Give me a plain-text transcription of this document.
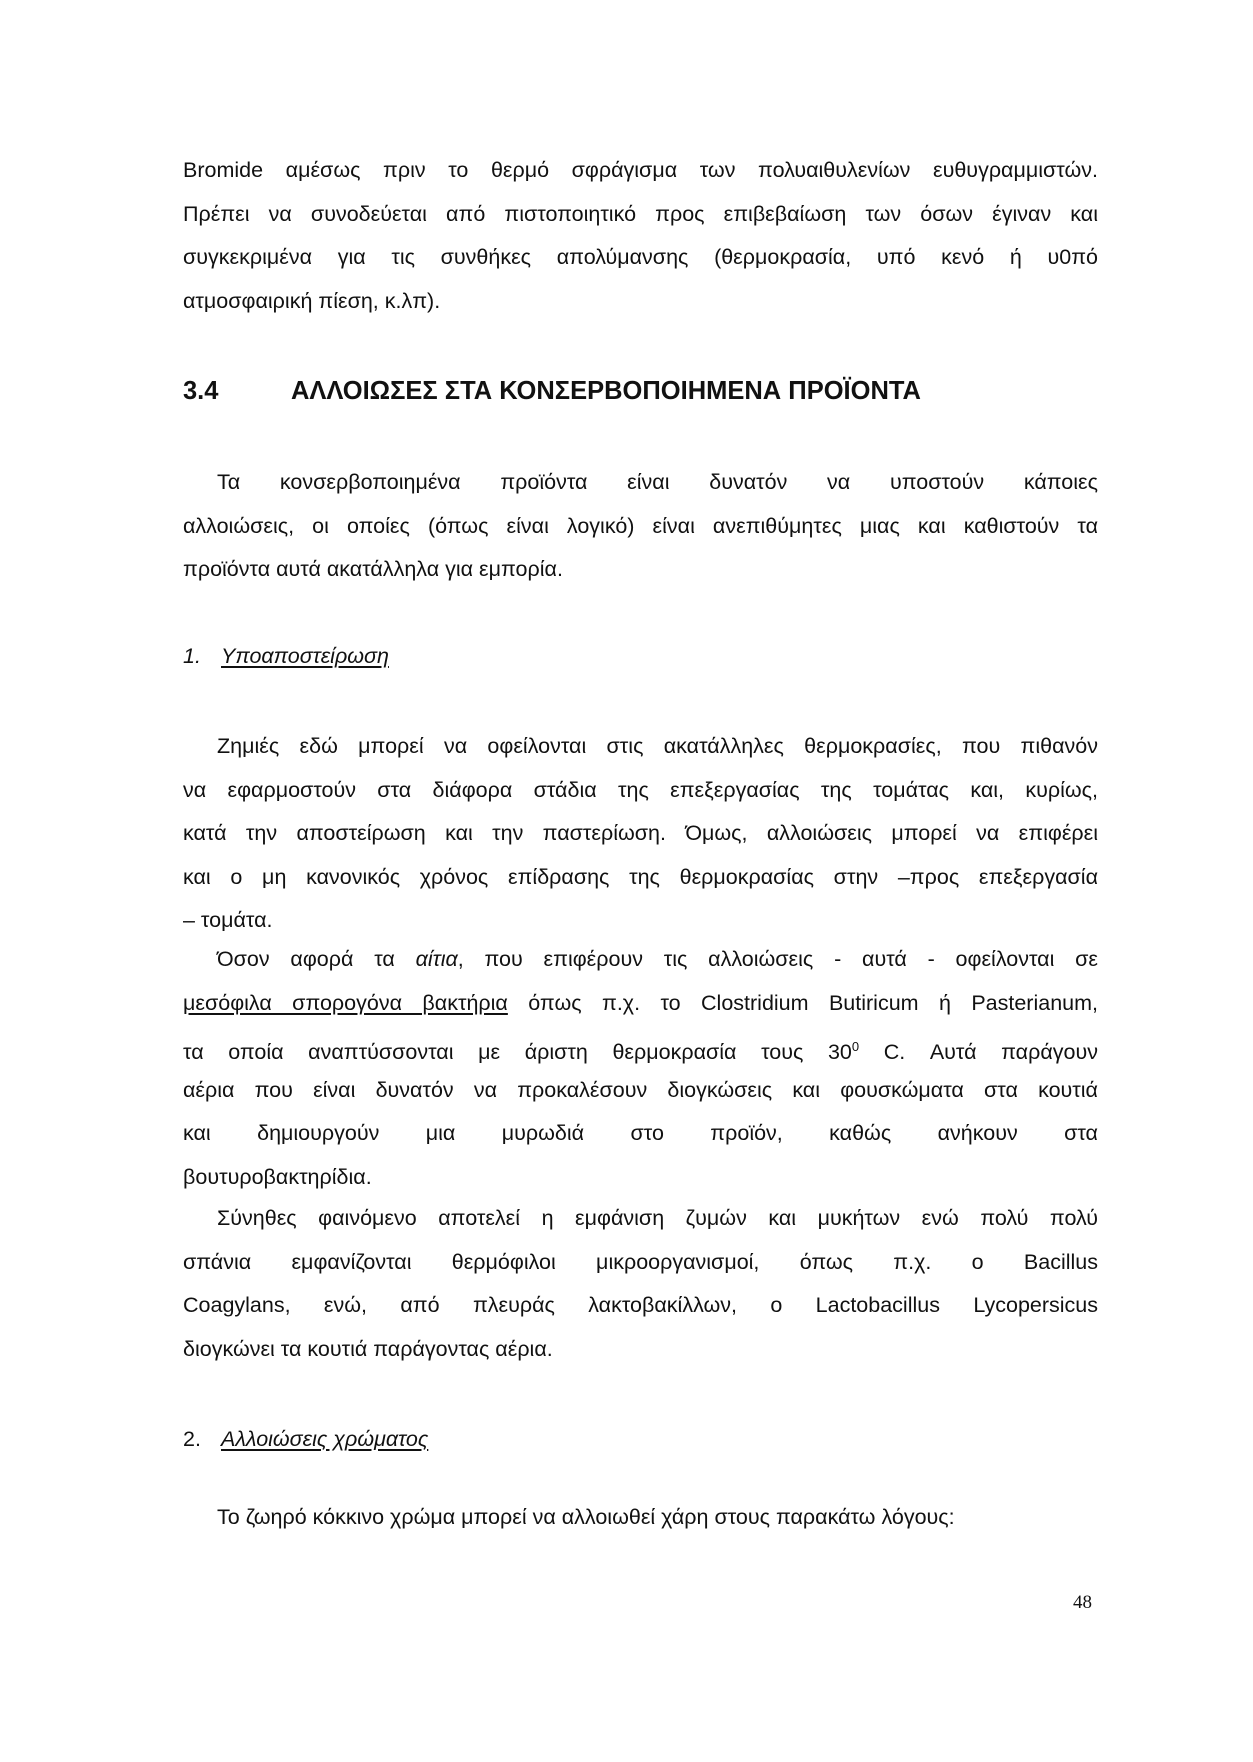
Bromide αμέσως πριν το θερμό σφράγισμα των πολυαιθυλενίων ευθυγραμμιστών.
Πρέπει να συνοδεύεται από πιστοποιητικό προς επιβεβαίωση των όσων έγιναν και
συγκεκριμένα για τις συνθήκες απολύμανσης (θερμοκρασία, υπό κενό ή υ0πό
ατμοσφαιρική πίεση, κ.λπ).
3.4	ΑΛΛΟΙΩΣΕΣ ΣΤΑ ΚΟΝΣΕΡΒΟΠΟΙΗΜΕΝΑ ΠΡΟΪΟΝΤΑ
Τα κονσερβοποιημένα προϊόντα είναι δυνατόν να υποστούν κάποιες
αλλοιώσεις, οι οποίες (όπως είναι λογικό) είναι ανεπιθύμητες μιας και καθιστούν τα
προϊόντα αυτά ακατάλληλα για εμπορία.
1. Υποαποστείρωση
Ζημιές εδώ μπορεί να οφείλονται στις ακατάλληλες θερμοκρασίες, που πιθανόν
να εφαρμοστούν στα διάφορα στάδια της επεξεργασίας της τομάτας και, κυρίως,
κατά την αποστείρωση και την παστερίωση. Όμως, αλλοιώσεις μπορεί να επιφέρει
και ο μη κανονικός χρόνος επίδρασης της θερμοκρασίας στην –προς επεξεργασία
– τομάτα.
Όσον αφορά τα αίτια, που επιφέρουν τις αλλοιώσεις - αυτά - οφείλονται σε
μεσόφιλα σπορογόνα βακτήρια όπως π.χ. το Clostridium Butiricum ή Pasterianum,
τα οποία αναπτύσσονται με άριστη θερμοκρασία τους $30^0$ C. Αυτά παράγουν
αέρια που είναι δυνατόν να προκαλέσουν διογκώσεις και φουσκώματα στα κουτιά
και δημιουργούν μια μυρωδιά στο προϊόν, καθώς ανήκουν στα
βουτυροβακτηρίδια.
Σύνηθες φαινόμενο αποτελεί η εμφάνιση ζυμών και μυκήτων ενώ πολύ πολύ
σπάνια εμφανίζονται θερμόφιλοι μικροοργανισμοί, όπως π.χ. ο Bacillus
Coagylans, ενώ, από πλευράς λακτοβακίλλων, ο Lactobacillus Lycopersicus
διογκώνει τα κουτιά παράγοντας αέρια.
2. Αλλοιώσεις χρώματος
Το ζωηρό κόκκινο χρώμα μπορεί να αλλοιωθεί χάρη στους παρακάτω λόγους:
48
